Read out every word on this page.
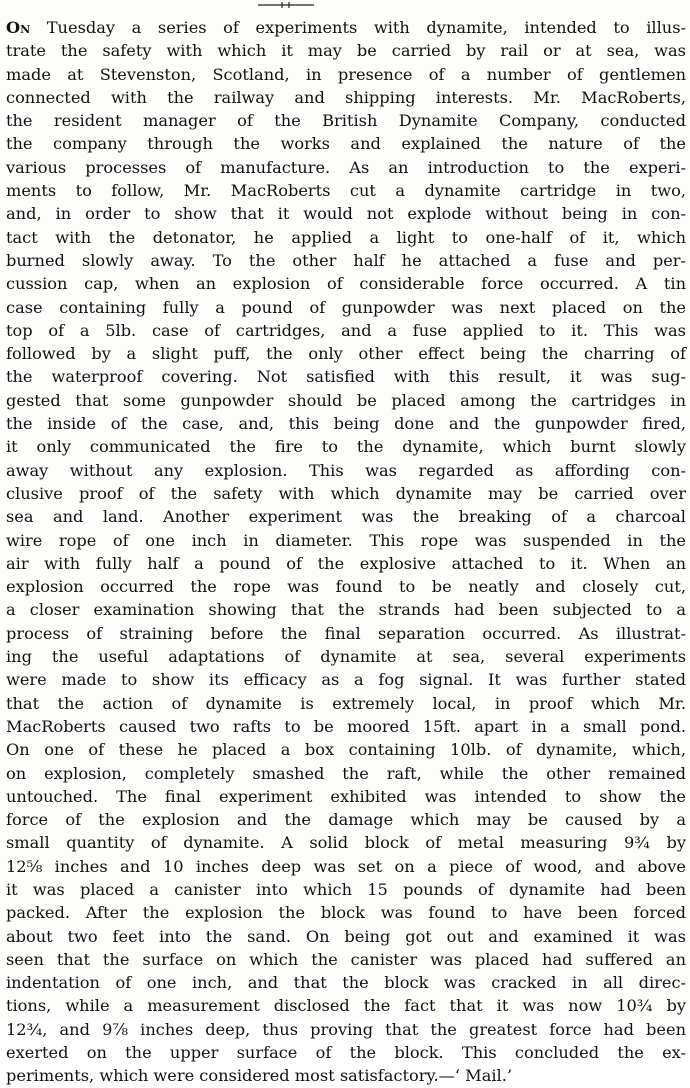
On Tuesday a series of experiments with dynamite, intended to illus-
trate the safety with which it may be carried by rail or at sea, was
made at Stevenston, Scotland, in presence of a number of gentlemen
connected with the railway and shipping interests. Mr. MacRoberts,
the resident manager of the British Dynamite Company, conducted
the company through the works and explained the nature of the
various processes of manufacture. As an introduction to the experi-
ments to follow, Mr. MacRoberts cut a dynamite cartridge in two,
and, in order to show that it would not explode without being in con-
tact with the detonator, he applied a light to one-half of it, which
burned slowly away. To the other half he attached a fuse and per-
cussion cap, when an explosion of considerable force occurred. A tin
case containing fully a pound of gunpowder was next placed on the
top of a 5lb. case of cartridges, and a fuse applied to it. This was
followed by a slight puff, the only other effect being the charring of
the waterproof covering. Not satisfied with this result, it was sug-
gested that some gunpowder should be placed among the cartridges in
the inside of the case, and, this being done and the gunpowder fired,
it only communicated the fire to the dynamite, which burnt slowly
away without any explosion. This was regarded as affording con-
clusive proof of the safety with which dynamite may be carried over
sea and land. Another experiment was the breaking of a charcoal
wire rope of one inch in diameter. This rope was suspended in the
air with fully half a pound of the explosive attached to it. When an
explosion occurred the rope was found to be neatly and closely cut,
a closer examination showing that the strands had been subjected to a
process of straining before the final separation occurred. As illustrat-
ing the useful adaptations of dynamite at sea, several experiments
were made to show its efficacy as a fog signal. It was further stated
that the action of dynamite is extremely local, in proof which Mr.
MacRoberts caused two rafts to be moored 15ft. apart in a small pond.
On one of these he placed a box containing 10lb. of dynamite, which,
on explosion, completely smashed the raft, while the other remained
untouched. The final experiment exhibited was intended to show the
force of the explosion and the damage which may be caused by a
small quantity of dynamite. A solid block of metal measuring 9¾ by
12⅝ inches and 10 inches deep was set on a piece of wood, and above
it was placed a canister into which 15 pounds of dynamite had been
packed. After the explosion the block was found to have been forced
about two feet into the sand. On being got out and examined it was
seen that the surface on which the canister was placed had suffered an
indentation of one inch, and that the block was cracked in all direc-
tions, while a measurement disclosed the fact that it was now 10¾ by
12¾, and 9⅞ inches deep, thus proving that the greatest force had been
exerted on the upper surface of the block. This concluded the ex-
periments, which were considered most satisfactory.—‘ Mail.’
